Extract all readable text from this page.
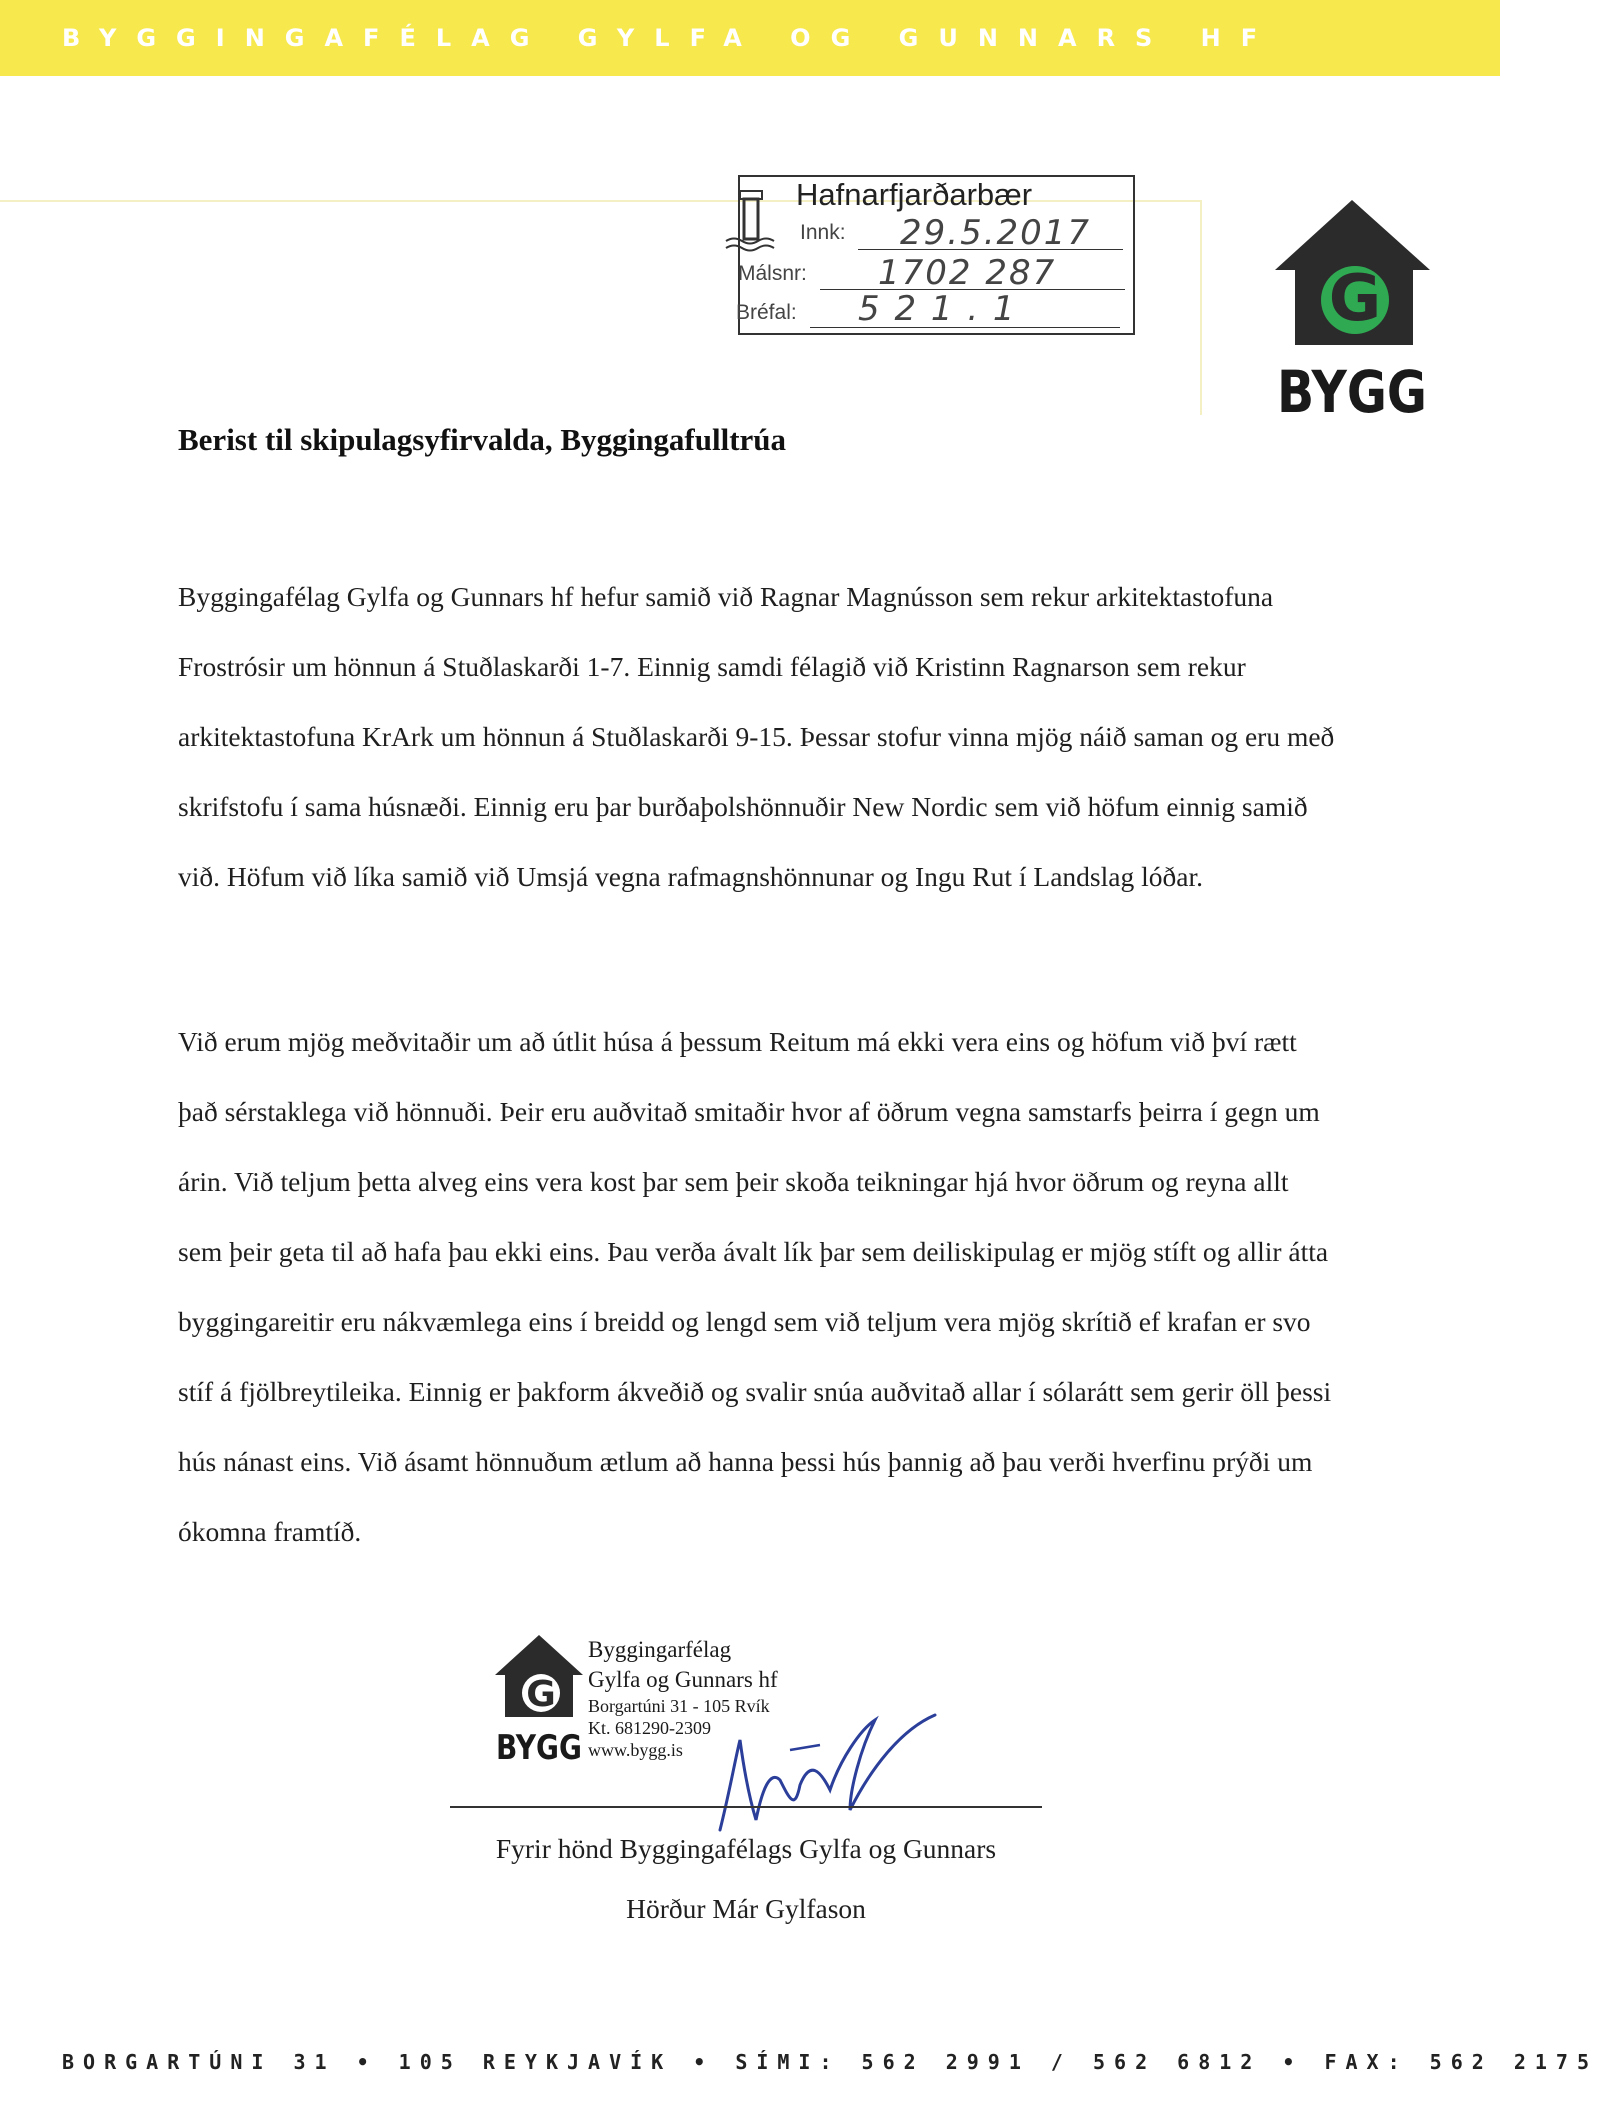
BYGGINGAFÉLAG GYLFA OG GUNNARS HF
Hafnarfjarðarbær
Innk: 29.5.2017
Málsnr: 1702 287
Bréfal: 5 2 1 . 1	G
BYGG
Berist til skipulagsyfirvalda, Byggingafulltrúa

Byggingafélag Gylfa og Gunnars hf hefur samið við Ragnar Magnússon sem rekur arkitektastofuna Frostrósir um hönnun á Stuðlaskarði 1-7. Einnig samdi félagið við Kristinn Ragnarson sem rekur arkitektastofuna KrArk um hönnun á Stuðlaskarði 9-15. Þessar stofur vinna mjög náið saman og eru með skrifstofu í sama húsnæði. Einnig eru þar burðaþolshönnuðir New Nordic sem við höfum einnig samið við. Höfum við líka samið við Umsjá vegna rafmagnshönnunar og Ingu Rut í Landslag lóðar.

Við erum mjög meðvitaðir um að útlit húsa á þessum Reitum má ekki vera eins og höfum við því rætt það sérstaklega við hönnuði. Þeir eru auðvitað smitaðir hvor af öðrum vegna samstarfs þeirra í gegn um árin. Við teljum þetta alveg eins vera kost þar sem þeir skoða teikningar hjá hvor öðrum og reyna allt sem þeir geta til að hafa þau ekki eins. Þau verða ávalt lík þar sem deiliskipulag er mjög stíft og allir átta byggingareitir eru nákvæmlega eins í breidd og lengd sem við teljum vera mjög skrítið ef krafan er svo stíf á fjölbreytileika. Einnig er þakform ákveðið og svalir snúa auðvitað allar í sólarátt sem gerir öll þessi hús nánast eins. Við ásamt hönnuðum ætlum að hanna þessi hús þannig að þau verði hverfinu prýði um ókomna framtíð.

G
BYGG
Byggingarfélag
Gylfa og Gunnars hf
Borgartúni 31 - 105 Rvík
Kt. 681290-2309
www.bygg.is
Fyrir hönd Byggingafélags Gylfa og Gunnars
Hörður Már Gylfason
BORGARTÚNI 31 • 105 REYKJAVÍK • SÍMI: 562 2991 / 562 6812 • FAX: 562 2175
